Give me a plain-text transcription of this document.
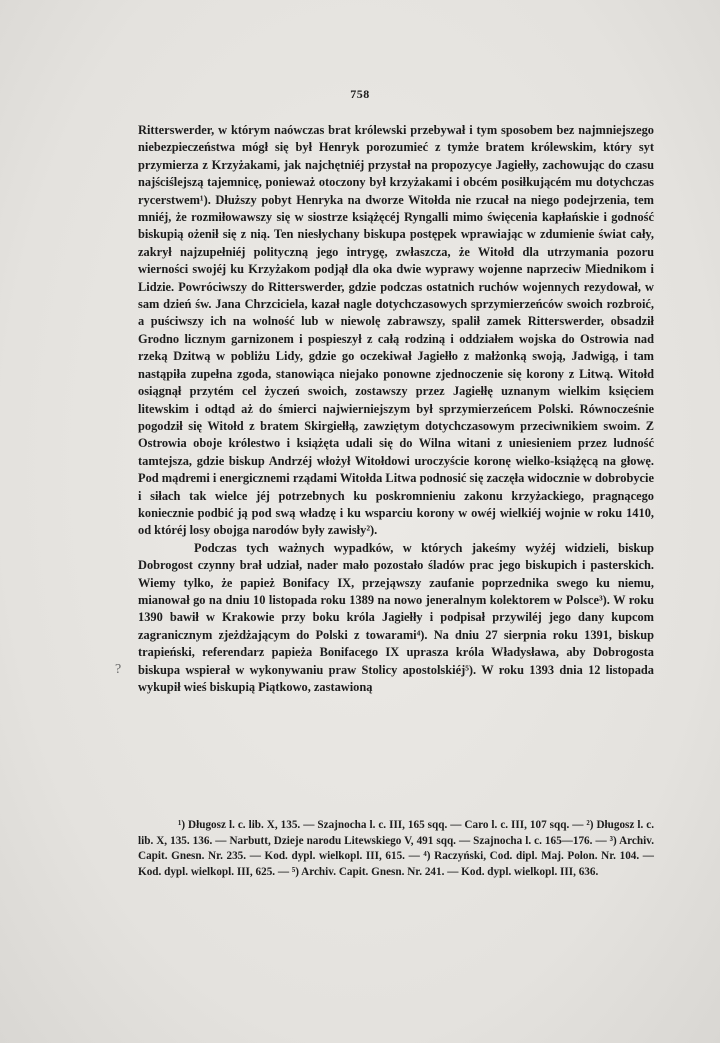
758

Ritterswerder, w którym naówczas brat królewski przebywał i tym sposobem bez najmniejszego niebezpieczeństwa mógł się był Henryk porozumieć z tymże bratem królewskim, który syt przymierza z Krzyżakami, jak najchętniéj przystał na propozycye Jagiełły, zachowując do czasu najściślejszą tajemnicę, ponieważ otoczony był krzyżakami i obcém posiłkującém mu dotychczas rycerstwem¹). Dłuższy pobyt Henryka na dworze Witołda nie rzucał na niego podejrzenia, tem mniéj, że rozmiłowawszy się w siostrze książęcéj Ryngalli mimo święcenia kapłańskie i godność biskupią ożenił się z nią. Ten niesłychany biskupa postępek wprawiając w zdumienie świat cały, zakrył najzupełniéj polityczną jego intrygę, zwłaszcza, że Witołd dla utrzymania pozoru wierności swojéj ku Krzyżakom podjął dla oka dwie wyprawy wojenne naprzeciw Miednikom i Lidzie. Powróciwszy do Ritterswerder, gdzie podczas ostatnich ruchów wojennych rezydował, w sam dzień św. Jana Chrzciciela, kazał nagle dotychczasowych sprzymierzeńców swoich rozbroić, a puściwszy ich na wolność lub w niewolę zabrawszy, spalił zamek Ritterswerder, obsadził Grodno licznym garnizonem i pospieszył z całą rodziną i oddziałem wojska do Ostrowia nad rzeką Dzitwą w pobliżu Lidy, gdzie go oczekiwał Jagiełło z małżonką swoją, Jadwigą, i tam nastąpiła zupełna zgoda, stanowiąca niejako ponowne zjednoczenie się korony z Litwą. Witołd osiągnął przytém cel życzeń swoich, zostawszy przez Jagiełłę uznanym wielkim księciem litewskim i odtąd aż do śmierci najwierniejszym był sprzymierzeńcem Polski. Równocześnie pogodził się Witołd z bratem Skirgiełłą, zawziętym dotychczasowym przeciwnikiem swoim. Z Ostrowia oboje królestwo i książęta udali się do Wilna witani z uniesieniem przez ludność tamtejsza, gdzie biskup Andrzéj włożył Witołdowi uroczyście koronę wielko-książęcą na głowę. Pod mądremi i energicznemi rządami Witołda Litwa podnosić się zaczęła widocznie w dobrobycie i siłach tak wielce jéj potrzebnych ku poskromnieniu zakonu krzyżackiego, pragnącego koniecznie podbić ją pod swą władzę i ku wsparciu korony w owéj wielkiéj wojnie w roku 1410, od któréj losy obojga narodów były zawisły²).

Podczas tych ważnych wypadków, w których jakeśmy wyżéj widzieli, biskup Dobrogost czynny brał udział, nader mało pozostało śladów prac jego biskupich i pasterskich. Wiemy tylko, że papież Bonifacy IX, przejąwszy zaufanie poprzednika swego ku niemu, mianował go na dniu 10 listopada roku 1389 na nowo jeneralnym kolektorem w Polsce³). W roku 1390 bawił w Krakowie przy boku króla Jagiełły i podpisał przywiléj jego dany kupcom zagranicznym zjeżdżającym do Polski z towarami⁴). Na dniu 27 sierpnia roku 1391, biskup trapieński, referendarz papieża Bonifacego IX uprasza króla Władysława, aby Dobrogosta biskupa wspierał w wykonywaniu praw Stolicy apostolskiéj⁵). W roku 1393 dnia 12 listopada wykupił wieś biskupią Piątkowo, zastawioną

?

¹) Długosz l. c. lib. X, 135. — Szajnocha l. c. III, 165 sqq. — Caro l. c. III, 107 sqq. — ²) Długosz l. c. lib. X, 135. 136. — Narbutt, Dzieje narodu Litewskiego V, 491 sqq. — Szajnocha l. c. 165—176. — ³) Archiv. Capit. Gnesn. Nr. 235. — Kod. dypl. wielkopl. III, 615. — ⁴) Raczyński, Cod. dipl. Maj. Polon. Nr. 104. — Kod. dypl. wielkopl. III, 625. — ⁵) Archiv. Capit. Gnesn. Nr. 241. — Kod. dypl. wielkopl. III, 636.
